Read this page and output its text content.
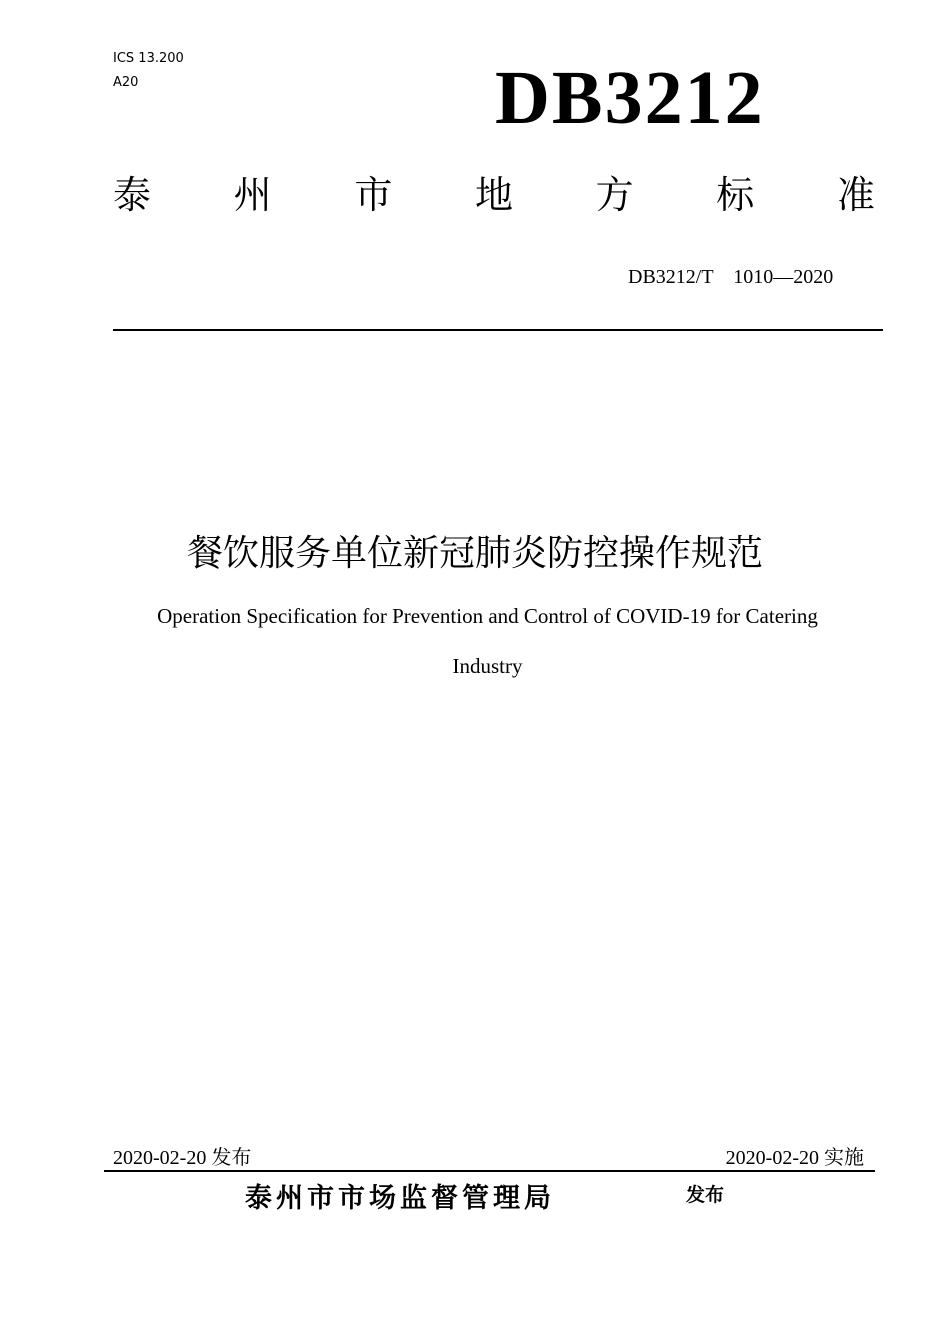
ICS 13.200
A20	DB3212
泰 州 市 地 方 标 准
DB3212/T　1010—2020
餐饮服务单位新冠肺炎防控操作规范
Operation Specification for Prevention and Control of COVID-19 for Catering
Industry
2020-02-20 发布	2020-02-20 实施
泰州市市场监督管理局	发布
